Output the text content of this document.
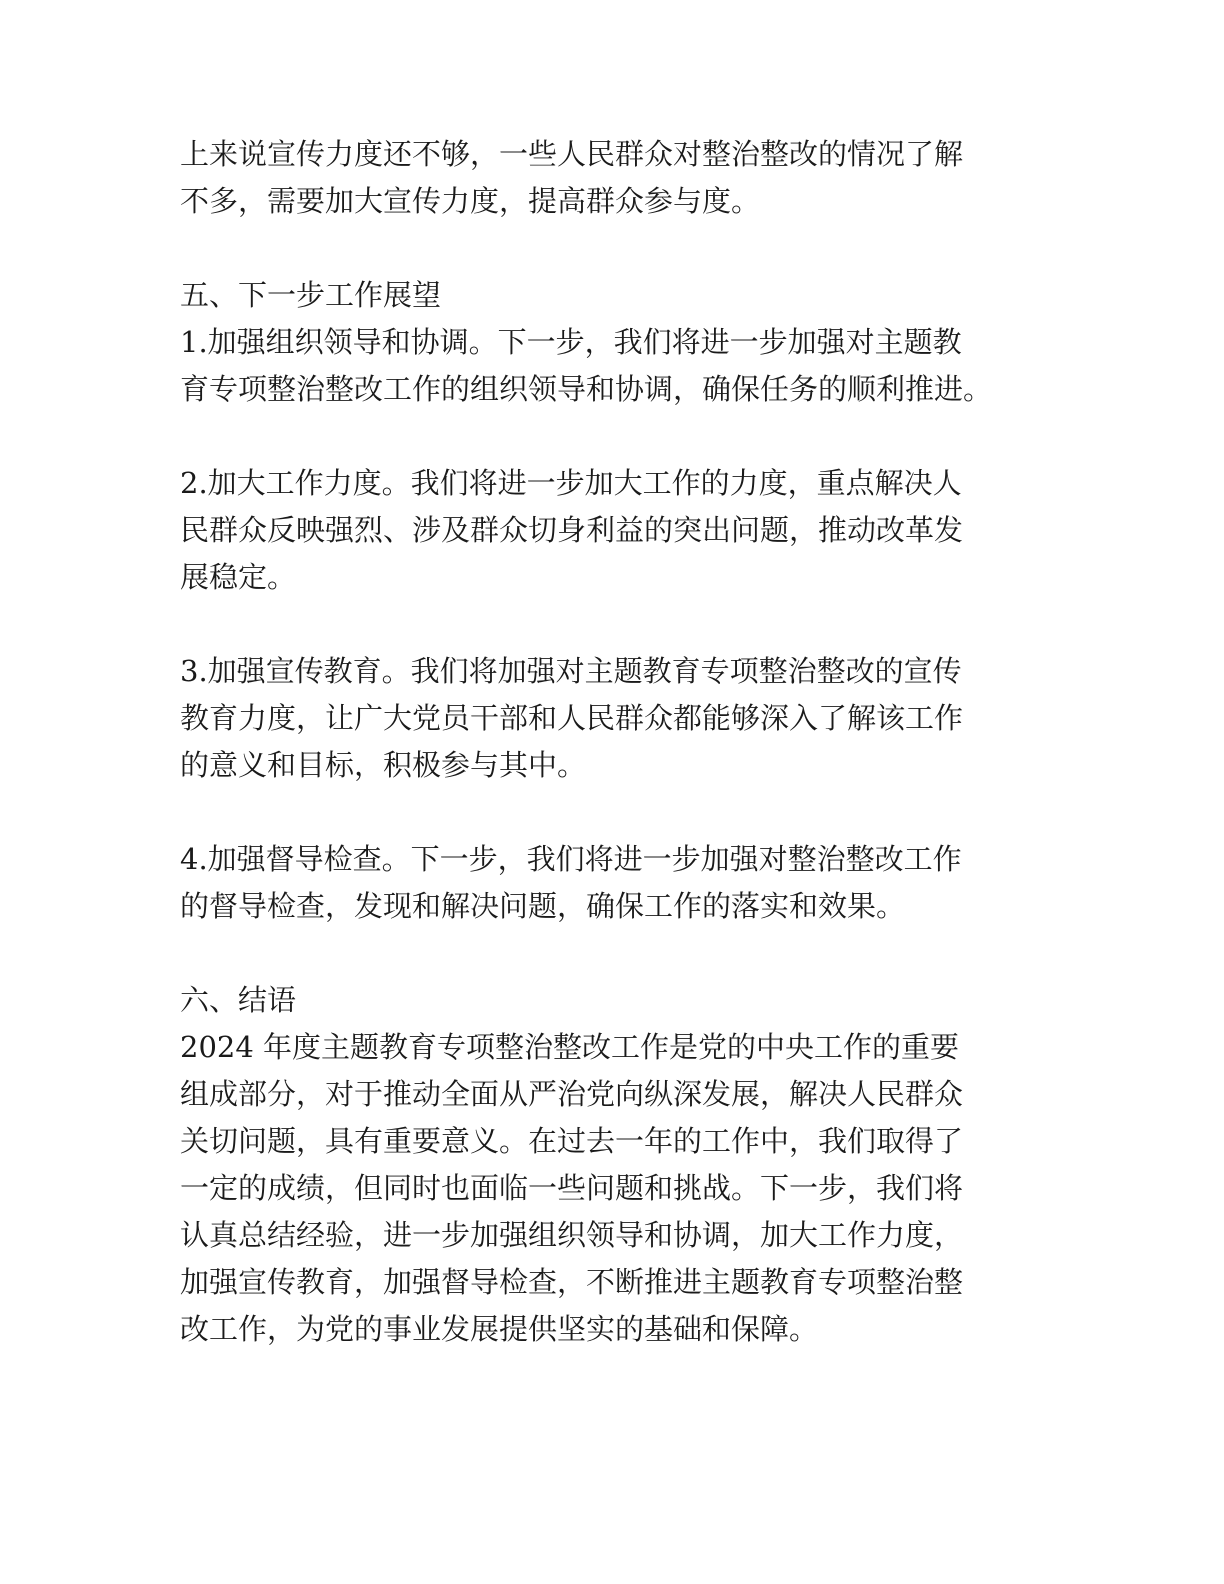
上来说宣传力度还不够，一些人民群众对整治整改的情况了解
不多，需要加大宣传力度，提高群众参与度。
五、下一步工作展望
1.加强组织领导和协调。下一步，我们将进一步加强对主题教
育专项整治整改工作的组织领导和协调，确保任务的顺利推进。
2.加大工作力度。我们将进一步加大工作的力度，重点解决人
民群众反映强烈、涉及群众切身利益的突出问题，推动改革发
展稳定。
3.加强宣传教育。我们将加强对主题教育专项整治整改的宣传
教育力度，让广大党员干部和人民群众都能够深入了解该工作
的意义和目标，积极参与其中。
4.加强督导检查。下一步，我们将进一步加强对整治整改工作
的督导检查，发现和解决问题，确保工作的落实和效果。
六、结语
2024 年度主题教育专项整治整改工作是党的中央工作的重要
组成部分，对于推动全面从严治党向纵深发展，解决人民群众
关切问题，具有重要意义。在过去一年的工作中，我们取得了
一定的成绩，但同时也面临一些问题和挑战。下一步，我们将
认真总结经验，进一步加强组织领导和协调，加大工作力度，
加强宣传教育，加强督导检查，不断推进主题教育专项整治整
改工作，为党的事业发展提供坚实的基础和保障。
